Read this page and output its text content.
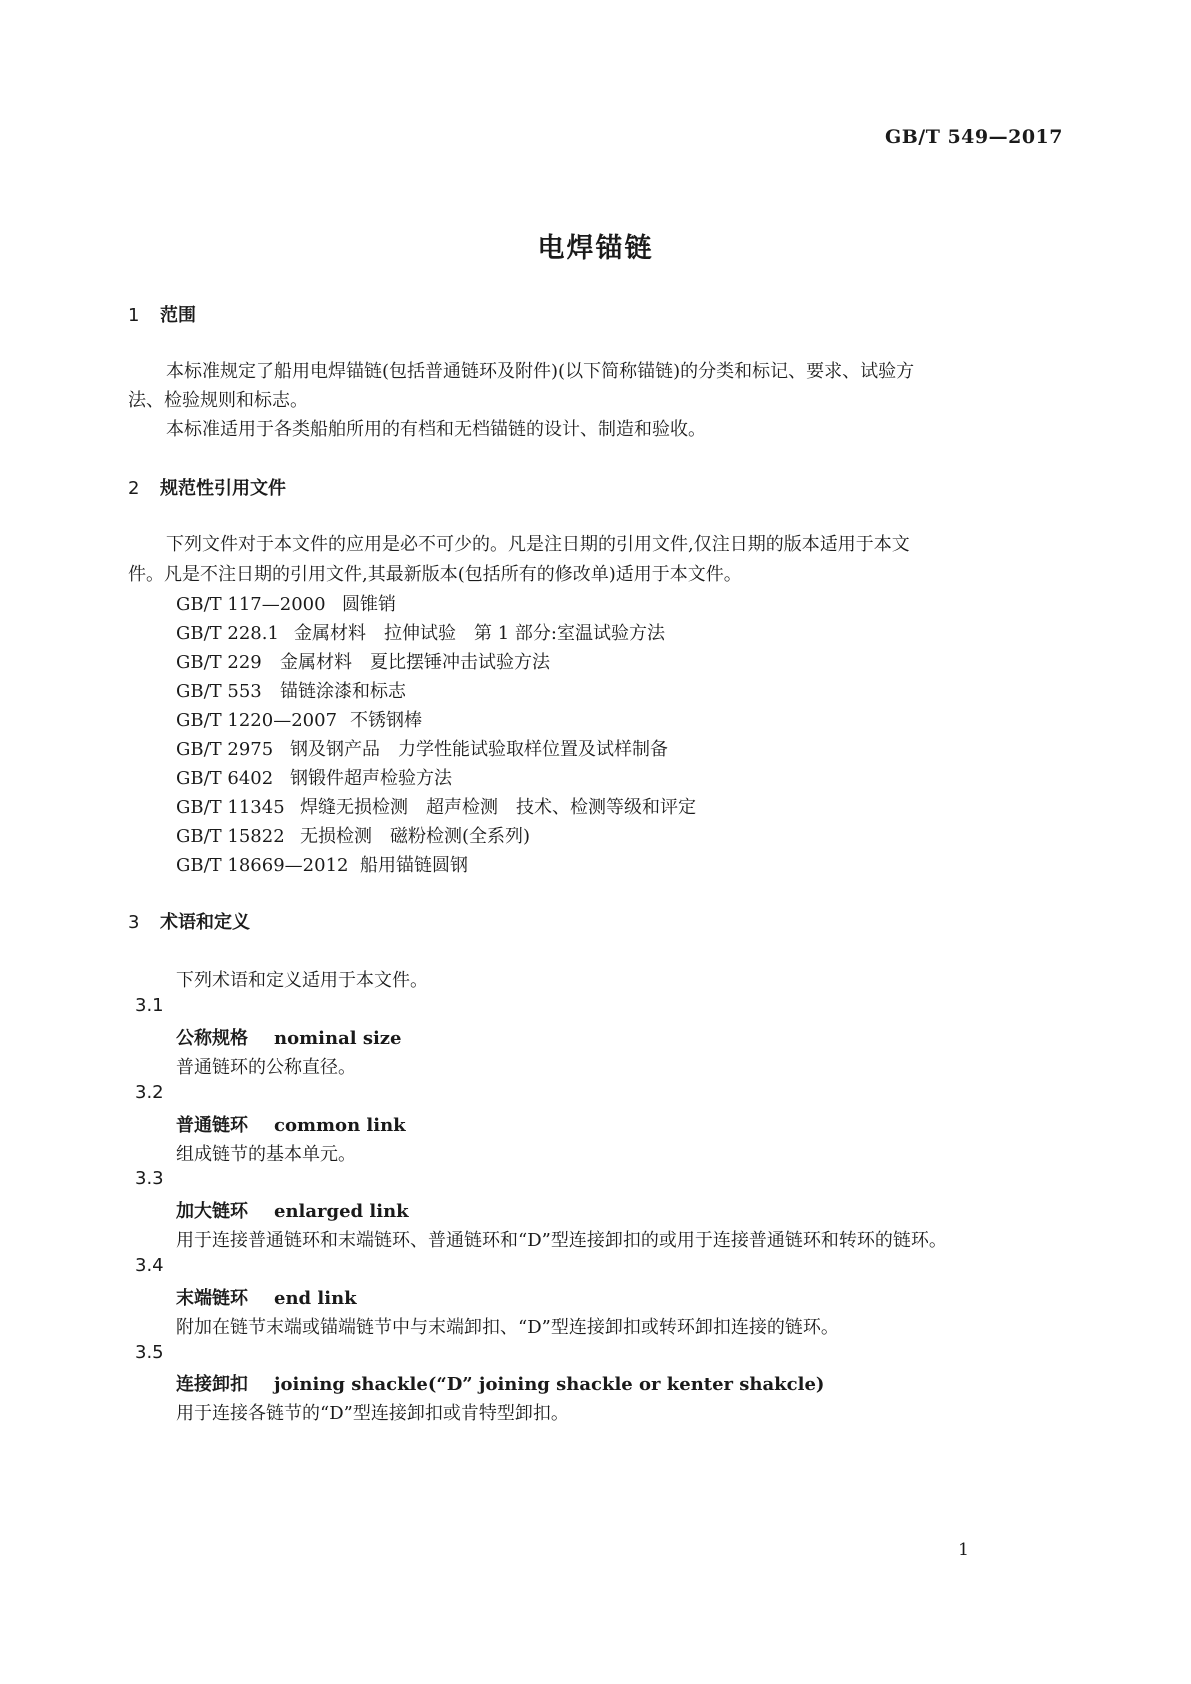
GB/T 549—2017
电焊锚链
1 范围
本标准规定了船用电焊锚链(包括普通链环及附件)(以下简称锚链)的分类和标记、要求、试验方
法、检验规则和标志。
本标准适用于各类船舶所用的有档和无档锚链的设计、制造和验收。
2 规范性引用文件
下列文件对于本文件的应用是必不可少的。凡是注日期的引用文件,仅注日期的版本适用于本文
件。凡是不注日期的引用文件,其最新版本(包括所有的修改单)适用于本文件。
GB/T 117—2000 圆锥销
GB/T 228.1 金属材料　拉伸试验　第 1 部分:室温试验方法
GB/T 229 金属材料　夏比摆锤冲击试验方法
GB/T 553 锚链涂漆和标志
GB/T 1220—2007 不锈钢棒
GB/T 2975 钢及钢产品　力学性能试验取样位置及试样制备
GB/T 6402 钢锻件超声检验方法
GB/T 11345 焊缝无损检测　超声检测　技术、检测等级和评定
GB/T 15822 无损检测　磁粉检测(全系列)
GB/T 18669—2012 船用锚链圆钢
3 术语和定义
下列术语和定义适用于本文件。
3.1
公称规格 nominal size
普通链环的公称直径。
3.2
普通链环 common link
组成链节的基本单元。
3.3
加大链环 enlarged link
用于连接普通链环和末端链环、普通链环和“D”型连接卸扣的或用于连接普通链环和转环的链环。
3.4
末端链环 end link
附加在链节末端或锚端链节中与末端卸扣、“D”型连接卸扣或转环卸扣连接的链环。
3.5
连接卸扣 joining shackle(“D” joining shackle or kenter shakcle)
用于连接各链节的“D”型连接卸扣或肯特型卸扣。
1
